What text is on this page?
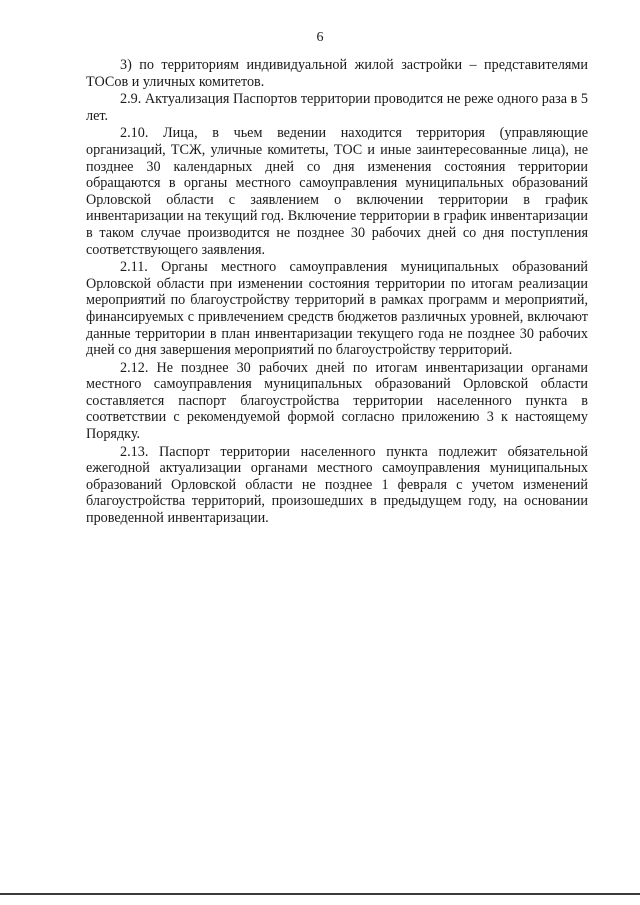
6

3) по территориям индивидуальной жилой застройки – представителями ТОСов и уличных комитетов.

2.9. Актуализация Паспортов территории проводится не реже одного раза в 5 лет.

2.10. Лица, в чьем ведении находится территория (управляющие организаций, ТСЖ, уличные комитеты, ТОС и иные заинтересованные лица), не позднее 30 календарных дней со дня изменения состояния территории обращаются в органы местного самоуправления муниципальных образований Орловской области с заявлением о включении территории в график инвентаризации на текущий год. Включение территории в график инвентаризации в таком случае производится не позднее 30 рабочих дней со дня поступления соответствующего заявления.

2.11. Органы местного самоуправления муниципальных образований Орловской области при изменении состояния территории по итогам реализации мероприятий по благоустройству территорий в рамках программ и мероприятий, финансируемых с привлечением средств бюджетов различных уровней, включают данные территории в план инвентаризации текущего года не позднее 30 рабочих дней со дня завершения мероприятий по благоустройству территорий.

2.12. Не позднее 30 рабочих дней по итогам инвентаризации органами местного самоуправления муниципальных образований Орловской области составляется паспорт благоустройства территории населенного пункта в соответствии с рекомендуемой формой согласно приложению 3 к настоящему Порядку.

2.13. Паспорт территории населенного пункта подлежит обязательной ежегодной актуализации органами местного самоуправления муниципальных образований Орловской области не позднее 1 февраля с учетом изменений благоустройства территорий, произошедших в предыдущем году, на основании проведенной инвентаризации.
